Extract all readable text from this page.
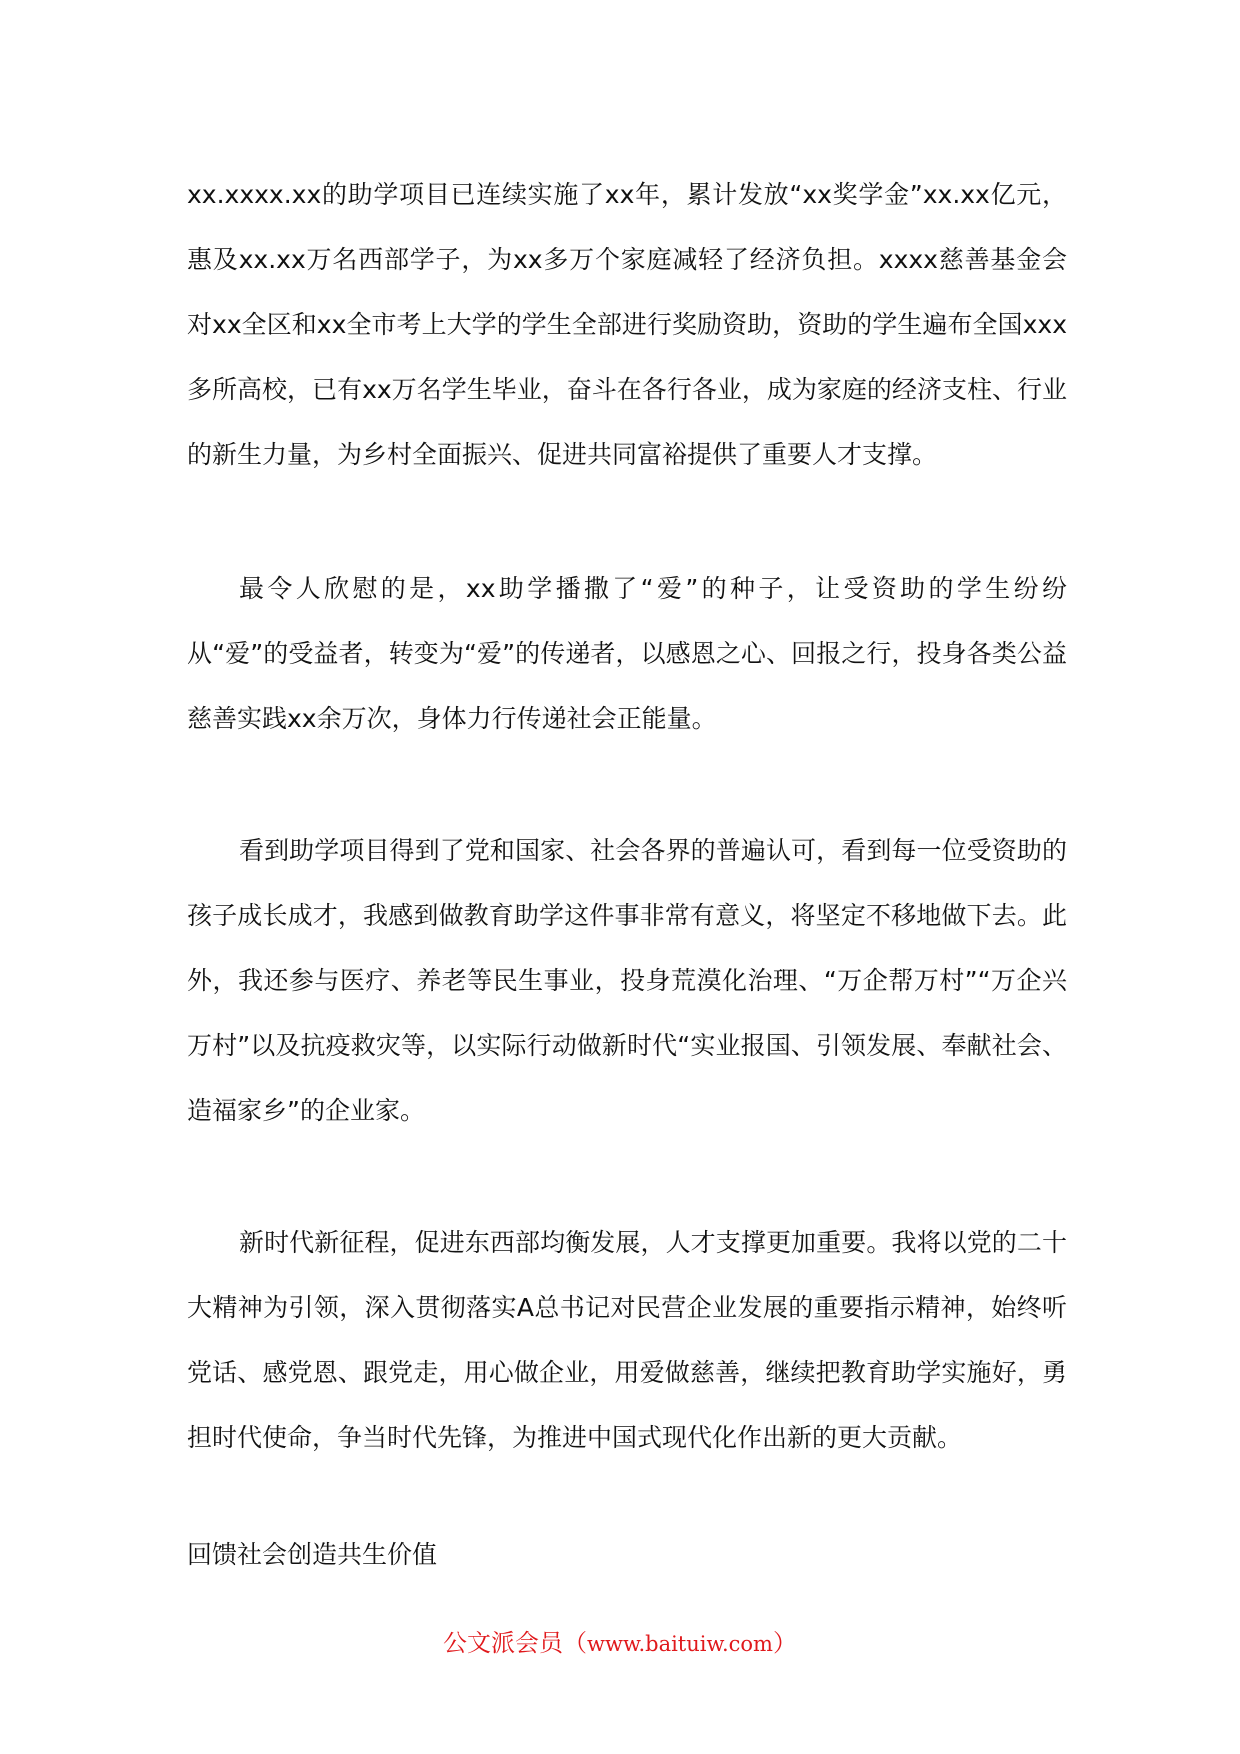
xx.xxxx.xx的助学项目已连续实施了xx年，累计发放“xx奖学金”xx.xx亿元，惠及xx.xx万名西部学子，为xx多万个家庭减轻了经济负担。xxxx慈善基金会对xx全区和xx全市考上大学的学生全部进行奖励资助，资助的学生遍布全国xxx多所高校，已有xx万名学生毕业，奋斗在各行各业，成为家庭的经济支柱、行业的新生力量，为乡村全面振兴、促进共同富裕提供了重要人才支撑。

最令人欣慰的是，xx助学播撒了“爱”的种子，让受资助的学生纷纷从“爱”的受益者，转变为“爱”的传递者，以感恩之心、回报之行，投身各类公益慈善实践xx余万次，身体力行传递社会正能量。

看到助学项目得到了党和国家、社会各界的普遍认可，看到每一位受资助的孩子成长成才，我感到做教育助学这件事非常有意义，将坚定不移地做下去。此外，我还参与医疗、养老等民生事业，投身荒漠化治理、“万企帮万村”“万企兴万村”以及抗疫救灾等，以实际行动做新时代“实业报国、引领发展、奉献社会、造福家乡”的企业家。

新时代新征程，促进东西部均衡发展，人才支撑更加重要。我将以党的二十大精神为引领，深入贯彻落实A总书记对民营企业发展的重要指示精神，始终听党话、感党恩、跟党走，用心做企业，用爱做慈善，继续把教育助学实施好，勇担时代使命，争当时代先锋，为推进中国式现代化作出新的更大贡献。

回馈社会创造共生价值

公文派会员（www.baituiw.com）
